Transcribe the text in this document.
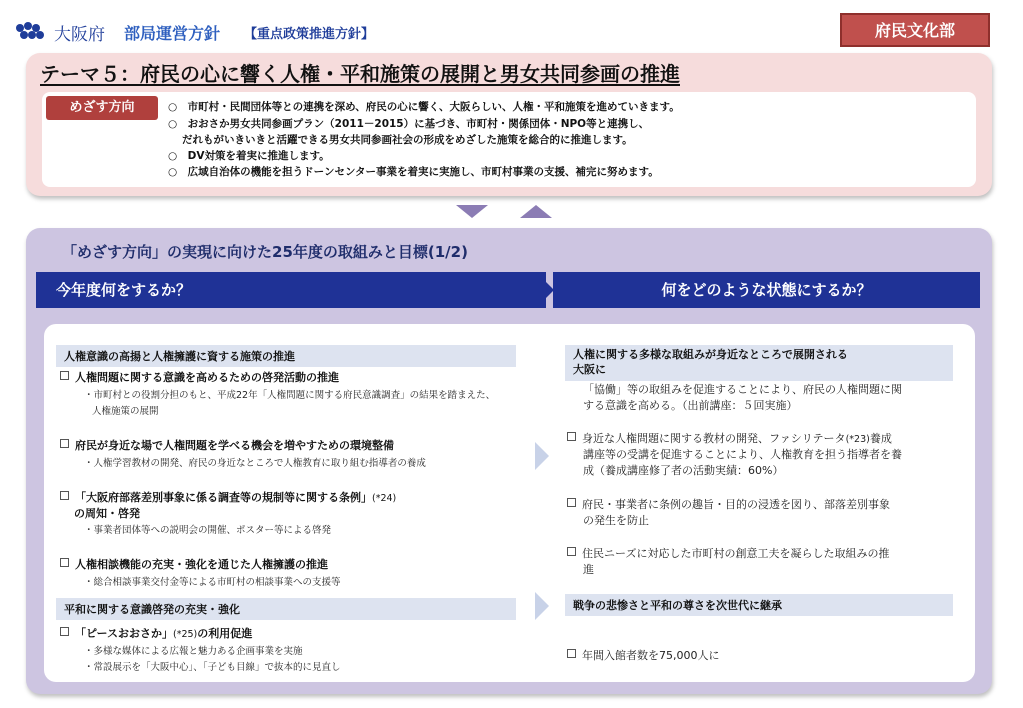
大阪府 部局運営方針 【重点政策推進方針】	府民文化部
テーマ５：府民の心に響く人権・平和施策の展開と男女共同参画の推進
めざす方向	○　市町村・民間団体等との連携を深め、府民の心に響く、大阪らしい、人権・平和施策を進めていきます。
○　おおさか男女共同参画プラン（2011－2015）に基づき、市町村・関係団体・NPO等と連携し、
だれもがいきいきと活躍できる男女共同参画社会の形成をめざした施策を総合的に推進します。
○　DV対策を着実に推進します。
○　広域自治体の機能を担うドーンセンター事業を着実に実施し、市町村事業の支援、補完に努めます。
「めざす方向」の実現に向けた25年度の取組みと目標(1/2)
今年度何をするか？	何をどのような状態にするか？
人権意識の高揚と人権擁護に資する施策の推進
人権問題に関する意識を高めるための啓発活動の推進
・市町村との役割分担のもと、平成22年「人権問題に関する府民意識調査」の結果を踏まえた、
人権施策の展開
府民が身近な場で人権問題を学べる機会を増やすための環境整備
・人権学習教材の開発、府民の身近なところで人権教育に取り組む指導者の養成
「大阪府部落差別事象に係る調査等の規制等に関する条例」(*24)
の周知・啓発
・事業者団体等への説明会の開催、ポスター等による啓発
人権相談機能の充実・強化を通じた人権擁護の推進
・総合相談事業交付金等による市町村の相談事業への支援等
平和に関する意識啓発の充実・強化
「ピースおおさか」(*25)の利用促進
・多様な媒体による広報と魅力ある企画事業を実施
・常設展示を「大阪中心」、「子ども目線」で抜本的に見直し
人権に関する多様な取組みが身近なところで展開される
大阪に
「協働」等の取組みを促進することにより、府民の人権問題に関
する意識を高める。（出前講座：５回実施）
身近な人権問題に関する教材の開発、ファシリテータ(*23)養成
講座等の受講を促進することにより、人権教育を担う指導者を養
成（養成講座修了者の活動実績：60%）
府民・事業者に条例の趣旨・目的の浸透を図り、部落差別事象
の発生を防止
住民ニーズに対応した市町村の創意工夫を凝らした取組みの推
進
戦争の悲惨さと平和の尊さを次世代に継承
年間入館者数を75,000人に
